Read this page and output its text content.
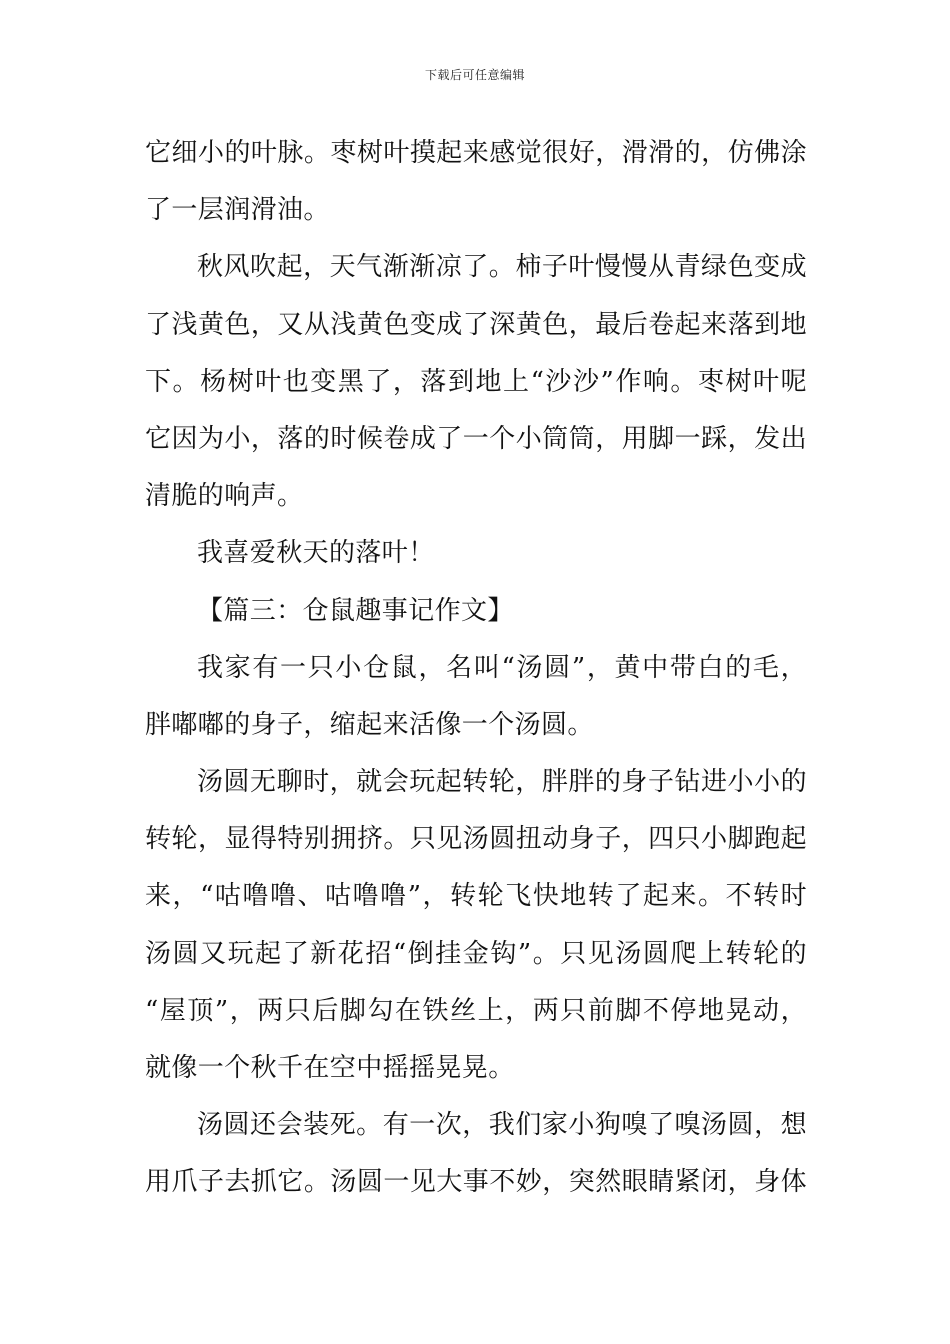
下载后可任意编辑
它细小的叶脉。枣树叶摸起来感觉很好，滑滑的，仿佛涂
了一层润滑油。
秋风吹起，天气渐渐凉了。柿子叶慢慢从青绿色变成
了浅黄色，又从浅黄色变成了深黄色，最后卷起来落到地
下。杨树叶也变黑了，落到地上“沙沙”作响。枣树叶呢
它因为小，落的时候卷成了一个小筒筒，用脚一踩，发出
清脆的响声。
我喜爱秋天的落叶！
【篇三：仓鼠趣事记作文】
我家有一只小仓鼠，名叫“汤圆”，黄中带白的毛，
胖嘟嘟的身子，缩起来活像一个汤圆。
汤圆无聊时，就会玩起转轮，胖胖的身子钻进小小的
转轮，显得特别拥挤。只见汤圆扭动身子，四只小脚跑起
来，“咕噜噜、咕噜噜”，转轮飞快地转了起来。不转时
汤圆又玩起了新花招“倒挂金钩”。只见汤圆爬上转轮的
“屋顶”，两只后脚勾在铁丝上，两只前脚不停地晃动，
就像一个秋千在空中摇摇晃晃。
汤圆还会装死。有一次，我们家小狗嗅了嗅汤圆，想
用爪子去抓它。汤圆一见大事不妙，突然眼睛紧闭，身体
